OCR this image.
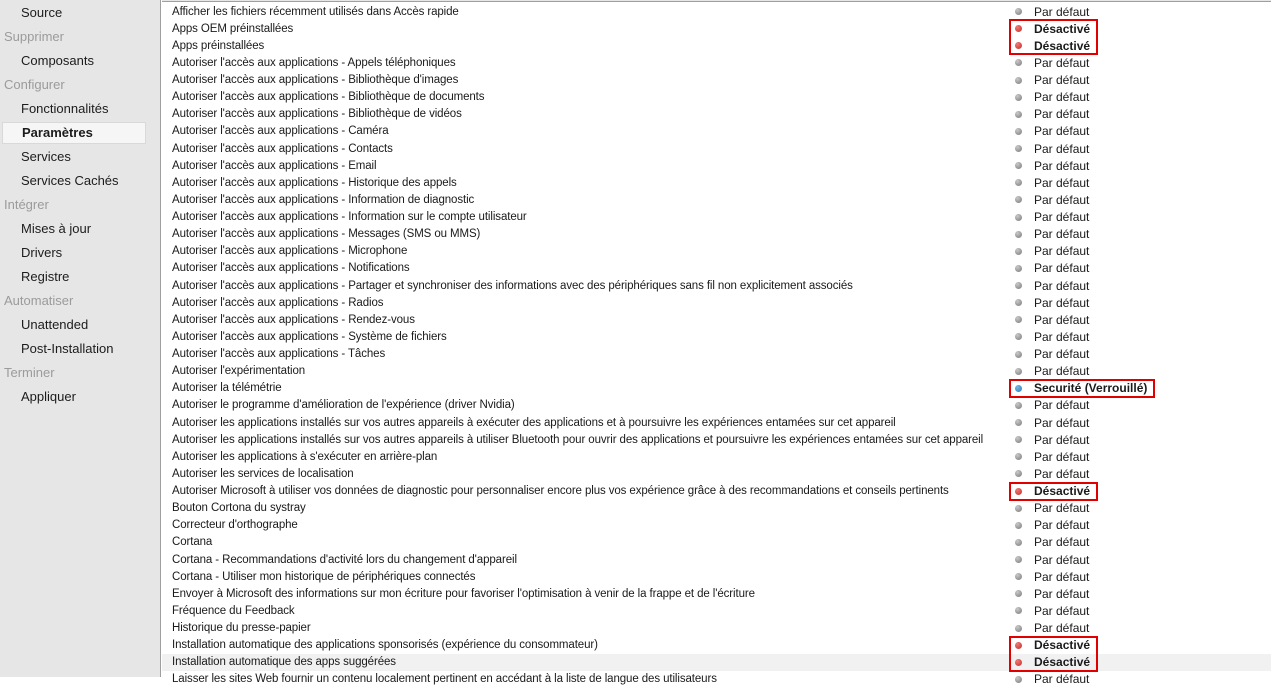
Source
Supprimer
Composants
Configurer
Fonctionnalités
Paramètres
Services
Services Cachés
Intégrer
Mises à jour
Drivers
Registre
Automatiser
Unattended
Post-Installation
Terminer
Appliquer
Afficher les fichiers récemment utilisés dans Accès rapide	Par défaut
Apps OEM préinstallées	Désactivé
Apps préinstallées	Désactivé
Autoriser l'accès aux applications - Appels téléphoniques	Par défaut
Autoriser l'accès aux applications - Bibliothèque d'images	Par défaut
Autoriser l'accès aux applications - Bibliothèque de documents	Par défaut
Autoriser l'accès aux applications - Bibliothèque de vidéos	Par défaut
Autoriser l'accès aux applications - Caméra	Par défaut
Autoriser l'accès aux applications - Contacts	Par défaut
Autoriser l'accès aux applications - Email	Par défaut
Autoriser l'accès aux applications - Historique des appels	Par défaut
Autoriser l'accès aux applications - Information de diagnostic	Par défaut
Autoriser l'accès aux applications - Information sur le compte utilisateur	Par défaut
Autoriser l'accès aux applications - Messages (SMS ou MMS)	Par défaut
Autoriser l'accès aux applications - Microphone	Par défaut
Autoriser l'accès aux applications - Notifications	Par défaut
Autoriser l'accès aux applications - Partager et synchroniser des informations avec des périphériques sans fil non explicitement associés	Par défaut
Autoriser l'accès aux applications - Radios	Par défaut
Autoriser l'accès aux applications - Rendez-vous	Par défaut
Autoriser l'accès aux applications - Système de fichiers	Par défaut
Autoriser l'accès aux applications - Tâches	Par défaut
Autoriser l'expérimentation	Par défaut
Autoriser la télémétrie	Securité (Verrouillé)
Autoriser le programme d'amélioration de l'expérience (driver Nvidia)	Par défaut
Autoriser les applications installés sur vos autres appareils à exécuter des applications et à poursuivre les expériences entamées sur cet appareil	Par défaut
Autoriser les applications installés sur vos autres appareils à utiliser Bluetooth pour ouvrir des applications et poursuivre les expériences entamées sur cet appareil	Par défaut
Autoriser les applications à s'exécuter en arrière-plan	Par défaut
Autoriser les services de localisation	Par défaut
Autoriser Microsoft à utiliser vos données de diagnostic pour personnaliser encore plus vos expérience grâce à des recommandations et conseils pertinents	Désactivé
Bouton Cortona du systray	Par défaut
Correcteur d'orthographe	Par défaut
Cortana	Par défaut
Cortana - Recommandations d'activité lors du changement d'appareil	Par défaut
Cortana - Utiliser mon historique de périphériques connectés	Par défaut
Envoyer à Microsoft des informations sur mon écriture pour favoriser l'optimisation à venir de la frappe et de l'écriture	Par défaut
Fréquence du Feedback	Par défaut
Historique du presse-papier	Par défaut
Installation automatique des applications sponsorisés (expérience du consommateur)	Désactivé
Installation automatique des apps suggérées	Désactivé
Laisser les sites Web fournir un contenu localement pertinent en accédant à la liste de langue des utilisateurs	Par défaut
